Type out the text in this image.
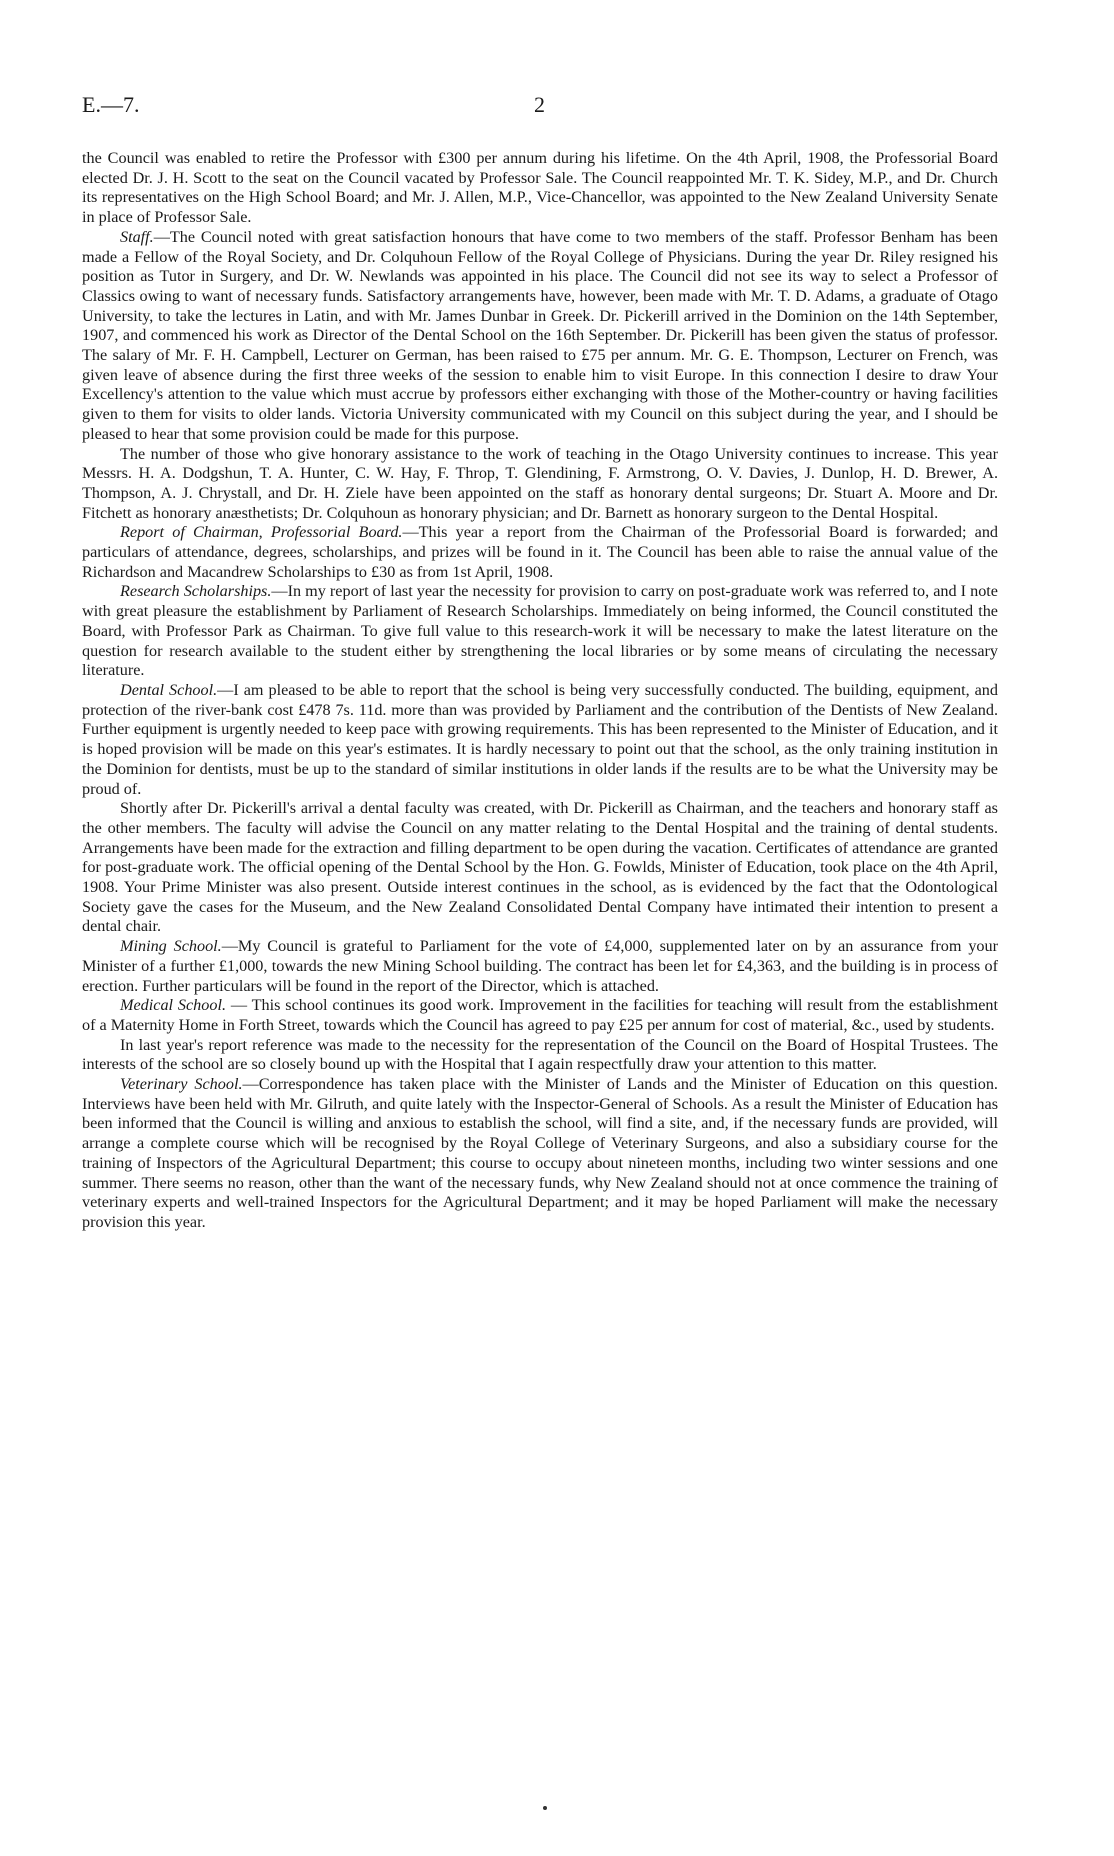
E.—7.	2

the Council was enabled to retire the Professor with £300 per annum during his lifetime. On the 4th April, 1908, the Professorial Board elected Dr. J. H. Scott to the seat on the Council vacated by Professor Sale. The Council reappointed Mr. T. K. Sidey, M.P., and Dr. Church its representatives on the High School Board; and Mr. J. Allen, M.P., Vice-Chancellor, was appointed to the New Zealand University Senate in place of Professor Sale.

Staff.—The Council noted with great satisfaction honours that have come to two members of the staff. Professor Benham has been made a Fellow of the Royal Society, and Dr. Colquhoun Fellow of the Royal College of Physicians. During the year Dr. Riley resigned his position as Tutor in Surgery, and Dr. W. Newlands was appointed in his place. The Council did not see its way to select a Professor of Classics owing to want of necessary funds. Satisfactory arrangements have, however, been made with Mr. T. D. Adams, a graduate of Otago University, to take the lectures in Latin, and with Mr. James Dunbar in Greek. Dr. Pickerill arrived in the Dominion on the 14th September, 1907, and commenced his work as Director of the Dental School on the 16th September. Dr. Pickerill has been given the status of professor. The salary of Mr. F. H. Campbell, Lecturer on German, has been raised to £75 per annum. Mr. G. E. Thompson, Lecturer on French, was given leave of absence during the first three weeks of the session to enable him to visit Europe. In this connection I desire to draw Your Excellency's attention to the value which must accrue by professors either exchanging with those of the Mother-country or having facilities given to them for visits to older lands. Victoria University communicated with my Council on this subject during the year, and I should be pleased to hear that some provision could be made for this purpose.

The number of those who give honorary assistance to the work of teaching in the Otago University continues to increase. This year Messrs. H. A. Dodgshun, T. A. Hunter, C. W. Hay, F. Throp, T. Glendining, F. Armstrong, O. V. Davies, J. Dunlop, H. D. Brewer, A. Thompson, A. J. Chrystall, and Dr. H. Ziele have been appointed on the staff as honorary dental surgeons; Dr. Stuart A. Moore and Dr. Fitchett as honorary anæsthetists; Dr. Colquhoun as honorary physician; and Dr. Barnett as honorary surgeon to the Dental Hospital.

Report of Chairman, Professorial Board.—This year a report from the Chairman of the Professorial Board is forwarded; and particulars of attendance, degrees, scholarships, and prizes will be found in it. The Council has been able to raise the annual value of the Richardson and Macandrew Scholarships to £30 as from 1st April, 1908.

Research Scholarships.—In my report of last year the necessity for provision to carry on post-graduate work was referred to, and I note with great pleasure the establishment by Parliament of Research Scholarships. Immediately on being informed, the Council constituted the Board, with Professor Park as Chairman. To give full value to this research-work it will be necessary to make the latest literature on the question for research available to the student either by strengthening the local libraries or by some means of circulating the necessary literature.

Dental School.—I am pleased to be able to report that the school is being very successfully conducted. The building, equipment, and protection of the river-bank cost £478 7s. 11d. more than was provided by Parliament and the contribution of the Dentists of New Zealand. Further equipment is urgently needed to keep pace with growing requirements. This has been represented to the Minister of Education, and it is hoped provision will be made on this year's estimates. It is hardly necessary to point out that the school, as the only training institution in the Dominion for dentists, must be up to the standard of similar institutions in older lands if the results are to be what the University may be proud of.

Shortly after Dr. Pickerill's arrival a dental faculty was created, with Dr. Pickerill as Chairman, and the teachers and honorary staff as the other members. The faculty will advise the Council on any matter relating to the Dental Hospital and the training of dental students. Arrangements have been made for the extraction and filling department to be open during the vacation. Certificates of attendance are granted for post-graduate work. The official opening of the Dental School by the Hon. G. Fowlds, Minister of Education, took place on the 4th April, 1908. Your Prime Minister was also present. Outside interest continues in the school, as is evidenced by the fact that the Odontological Society gave the cases for the Museum, and the New Zealand Consolidated Dental Company have intimated their intention to present a dental chair.

Mining School.—My Council is grateful to Parliament for the vote of £4,000, supplemented later on by an assurance from your Minister of a further £1,000, towards the new Mining School building. The contract has been let for £4,363, and the building is in process of erection. Further particulars will be found in the report of the Director, which is attached.

Medical School. — This school continues its good work. Improvement in the facilities for teaching will result from the establishment of a Maternity Home in Forth Street, towards which the Council has agreed to pay £25 per annum for cost of material, &c., used by students.

In last year's report reference was made to the necessity for the representation of the Council on the Board of Hospital Trustees. The interests of the school are so closely bound up with the Hospital that I again respectfully draw your attention to this matter.

Veterinary School.—Correspondence has taken place with the Minister of Lands and the Minister of Education on this question. Interviews have been held with Mr. Gilruth, and quite lately with the Inspector-General of Schools. As a result the Minister of Education has been informed that the Council is willing and anxious to establish the school, will find a site, and, if the necessary funds are provided, will arrange a complete course which will be recognised by the Royal College of Veterinary Surgeons, and also a subsidiary course for the training of Inspectors of the Agricultural Department; this course to occupy about nineteen months, including two winter sessions and one summer. There seems no reason, other than the want of the necessary funds, why New Zealand should not at once commence the training of veterinary experts and well-trained Inspectors for the Agricultural Department; and it may be hoped Parliament will make the necessary provision this year.
